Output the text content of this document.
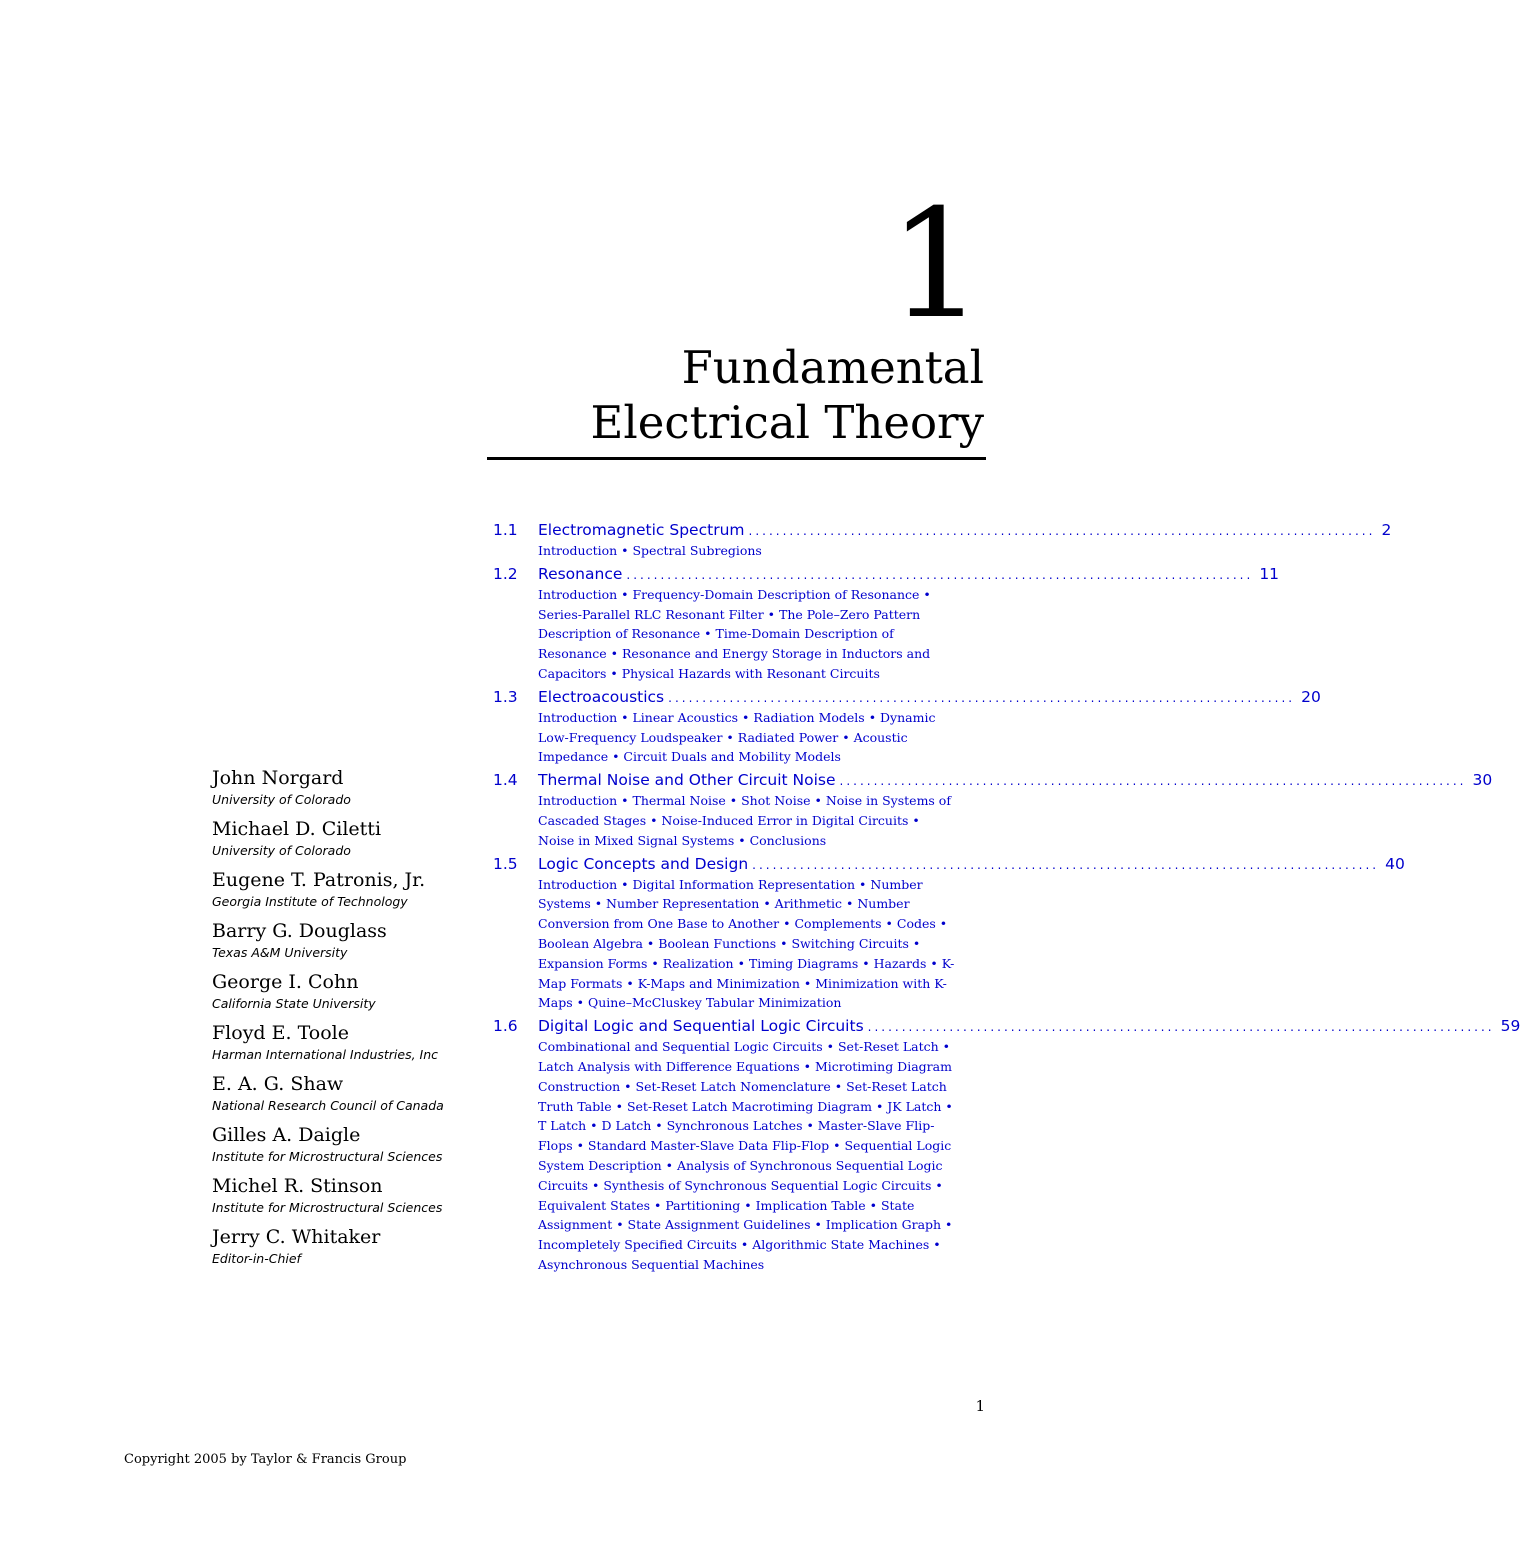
1
Fundamental
Electrical Theory
John Norgard
University of Colorado
Michael D. Ciletti
University of Colorado
Eugene T. Patronis, Jr.
Georgia Institute of Technology
Barry G. Douglass
Texas A&M University
George I. Cohn
California State University
Floyd E. Toole
Harman International Industries, Inc
E. A. G. Shaw
National Research Council of Canada
Gilles A. Daigle
Institute for Microstructural Sciences
Michel R. Stinson
Institute for Microstructural Sciences
Jerry C. Whitaker
Editor-in-Chief
1.1	Electromagnetic Spectrum ............................................................................................ 2
Introduction • Spectral Subregions
1.2	Resonance ............................................................................................ 11
Introduction • Frequency-Domain Description of Resonance • Series-Parallel RLC Resonant Filter • The Pole–Zero Pattern Description of Resonance • Time-Domain Description of Resonance • Resonance and Energy Storage in Inductors and Capacitors • Physical Hazards with Resonant Circuits
1.3	Electroacoustics ............................................................................................ 20
Introduction • Linear Acoustics • Radiation Models • Dynamic Low-Frequency Loudspeaker • Radiated Power • Acoustic Impedance • Circuit Duals and Mobility Models
1.4	Thermal Noise and Other Circuit Noise ............................................................................................ 30
Introduction • Thermal Noise • Shot Noise • Noise in Systems of Cascaded Stages • Noise-Induced Error in Digital Circuits • Noise in Mixed Signal Systems • Conclusions
1.5	Logic Concepts and Design ............................................................................................ 40
Introduction • Digital Information Representation • Number Systems • Number Representation • Arithmetic • Number Conversion from One Base to Another • Complements • Codes • Boolean Algebra • Boolean Functions • Switching Circuits • Expansion Forms • Realization • Timing Diagrams • Hazards • K-Map Formats • K-Maps and Minimization • Minimization with K-Maps • Quine–McCluskey Tabular Minimization
1.6	Digital Logic and Sequential Logic Circuits ............................................................................................ 59
Combinational and Sequential Logic Circuits • Set-Reset Latch • Latch Analysis with Difference Equations • Microtiming Diagram Construction • Set-Reset Latch Nomenclature • Set-Reset Latch Truth Table • Set-Reset Latch Macrotiming Diagram • JK Latch • T Latch • D Latch • Synchronous Latches • Master-Slave Flip-Flops • Standard Master-Slave Data Flip-Flop • Sequential Logic System Description • Analysis of Synchronous Sequential Logic Circuits • Synthesis of Synchronous Sequential Logic Circuits • Equivalent States • Partitioning • Implication Table • State Assignment • State Assignment Guidelines • Implication Graph • Incompletely Specified Circuits • Algorithmic State Machines • Asynchronous Sequential Machines
1
Copyright 2005 by Taylor & Francis Group
